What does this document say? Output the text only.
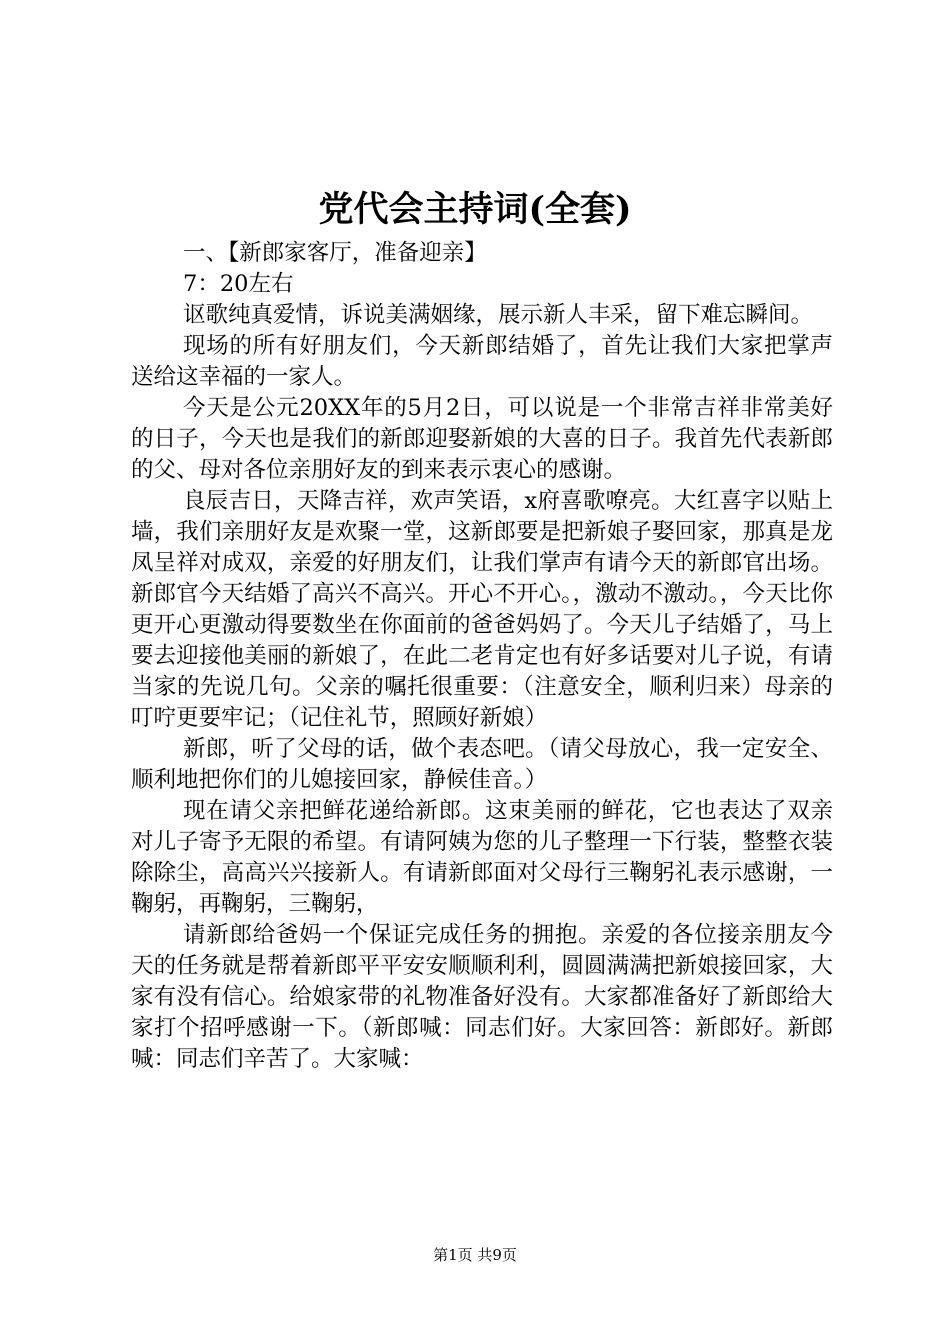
党代会主持词(全套)

一、【新郎家客厅，准备迎亲】

7：20左右

讴歌纯真爱情，诉说美满姻缘，展示新人丰采，留下难忘瞬间。

现场的所有好朋友们，今天新郎结婚了，首先让我们大家把掌声送给这幸福的一家人。

今天是公元20XX年的5月2日，可以说是一个非常吉祥非常美好的日子，今天也是我们的新郎迎娶新娘的大喜的日子。我首先代表新郎的父、母对各位亲朋好友的到来表示衷心的感谢。

良辰吉日，天降吉祥，欢声笑语，x府喜歌嘹亮。大红喜字以贴上墙，我们亲朋好友是欢聚一堂，这新郎要是把新娘子娶回家，那真是龙凤呈祥对成双，亲爱的好朋友们，让我们掌声有请今天的新郎官出场。新郎官今天结婚了高兴不高兴。开心不开心。，激动不激动。，今天比你更开心更激动得要数坐在你面前的爸爸妈妈了。今天儿子结婚了，马上要去迎接他美丽的新娘了，在此二老肯定也有好多话要对儿子说，有请当家的先说几句。父亲的嘱托很重要：（注意安全，顺利归来）母亲的叮咛更要牢记；（记住礼节，照顾好新娘）

新郎，听了父母的话，做个表态吧。（请父母放心，我一定安全、顺利地把你们的儿媳接回家，静候佳音。）

现在请父亲把鲜花递给新郎。这束美丽的鲜花，它也表达了双亲对儿子寄予无限的希望。有请阿姨为您的儿子整理一下行装，整整衣装除除尘，高高兴兴接新人。有请新郎面对父母行三鞠躬礼表示感谢，一鞠躬，再鞠躬，三鞠躬，

请新郎给爸妈一个保证完成任务的拥抱。亲爱的各位接亲朋友今天的任务就是帮着新郎平平安安顺顺利利，圆圆满满把新娘接回家，大家有没有信心。给娘家带的礼物准备好没有。大家都准备好了新郎给大家打个招呼感谢一下。（新郎喊：同志们好。大家回答：新郎好。新郎喊：同志们辛苦了。大家喊：

第1页 共9页
